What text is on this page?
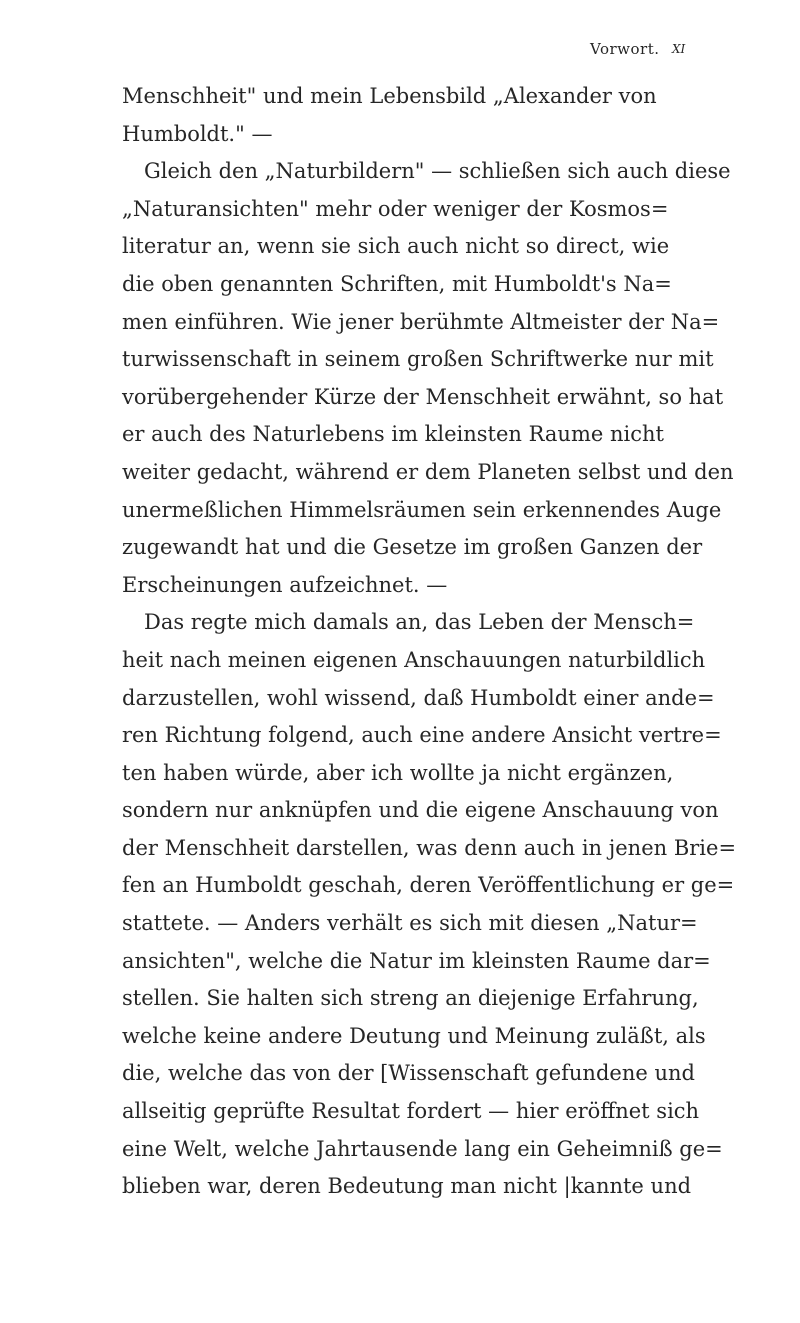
Vorwort. XI
Menschheit" und mein Lebensbild „Alexander von
Humboldt." —
Gleich den „Naturbildern" — schließen sich auch diese
„Naturansichten" mehr oder weniger der Kosmos=
literatur an, wenn sie sich auch nicht so direct, wie
die oben genannten Schriften, mit Humboldt's Na=
men einführen. Wie jener berühmte Altmeister der Na=
turwissenschaft in seinem großen Schriftwerke nur mit
vorübergehender Kürze der Menschheit erwähnt, so hat
er auch des Naturlebens im kleinsten Raume nicht
weiter gedacht, während er dem Planeten selbst und den
unermeßlichen Himmelsräumen sein erkennendes Auge
zugewandt hat und die Gesetze im großen Ganzen der
Erscheinungen aufzeichnet. —
Das regte mich damals an, das Leben der Mensch=
heit nach meinen eigenen Anschauungen naturbildlich
darzustellen, wohl wissend, daß Humboldt einer ande=
ren Richtung folgend, auch eine andere Ansicht vertre=
ten haben würde, aber ich wollte ja nicht ergänzen,
sondern nur anknüpfen und die eigene Anschauung von
der Menschheit darstellen, was denn auch in jenen Brie=
fen an Humboldt geschah, deren Veröffentlichung er ge=
stattete. — Anders verhält es sich mit diesen „Natur=
ansichten", welche die Natur im kleinsten Raume dar=
stellen. Sie halten sich streng an diejenige Erfahrung,
welche keine andere Deutung und Meinung zuläßt, als
die, welche das von der [Wissenschaft gefundene und
allseitig geprüfte Resultat fordert — hier eröffnet sich
eine Welt, welche Jahrtausende lang ein Geheimniß ge=
blieben war, deren Bedeutung man nicht |kannte und
